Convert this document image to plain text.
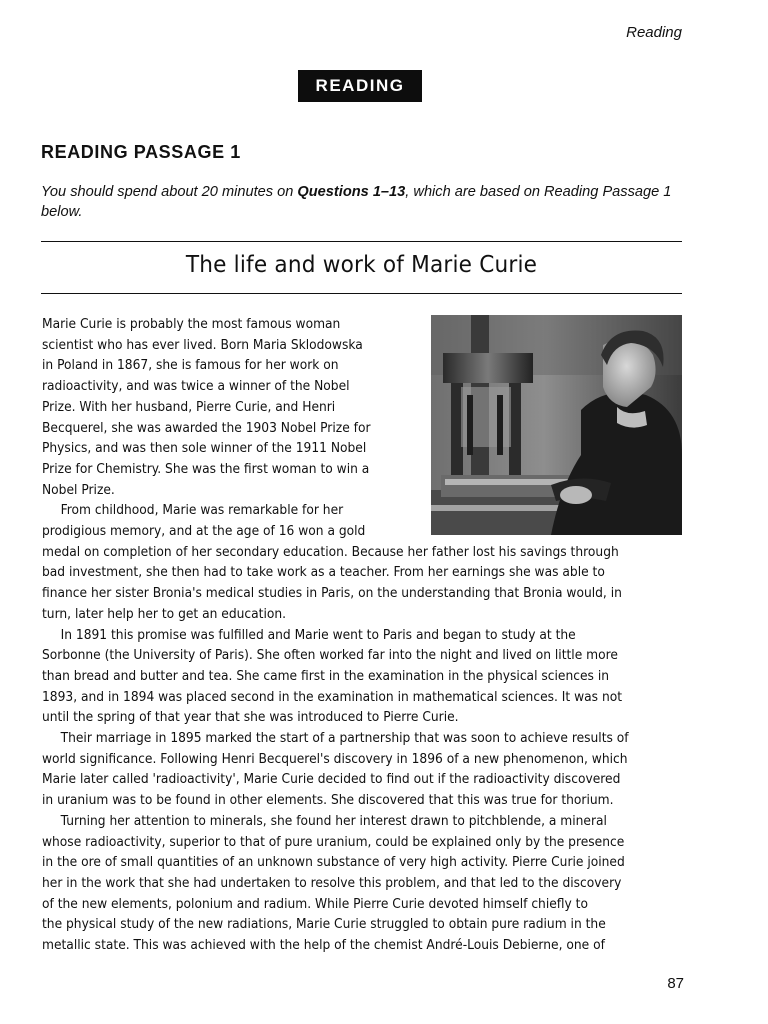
Reading
READING
READING PASSAGE 1
You should spend about 20 minutes on Questions 1–13, which are based on Reading Passage 1 below.
The life and work of Marie Curie

Marie Curie is probably the most famous woman
scientist who has ever lived. Born Maria Sklodowska
in Poland in 1867, she is famous for her work on
radioactivity, and was twice a winner of the Nobel
Prize. With her husband, Pierre Curie, and Henri
Becquerel, she was awarded the 1903 Nobel Prize for
Physics, and was then sole winner of the 1911 Nobel
Prize for Chemistry. She was the first woman to win a
Nobel Prize.

From childhood, Marie was remarkable for her
prodigious memory, and at the age of 16 won a gold
medal on completion of her secondary education. Because her father lost his savings through
bad investment, she then had to take work as a teacher. From her earnings she was able to
finance her sister Bronia's medical studies in Paris, on the understanding that Bronia would, in
turn, later help her to get an education.

In 1891 this promise was fulfilled and Marie went to Paris and began to study at the
Sorbonne (the University of Paris). She often worked far into the night and lived on little more
than bread and butter and tea. She came first in the examination in the physical sciences in
1893, and in 1894 was placed second in the examination in mathematical sciences. It was not
until the spring of that year that she was introduced to Pierre Curie.

Their marriage in 1895 marked the start of a partnership that was soon to achieve results of
world significance. Following Henri Becquerel's discovery in 1896 of a new phenomenon, which
Marie later called 'radioactivity', Marie Curie decided to find out if the radioactivity discovered
in uranium was to be found in other elements. She discovered that this was true for thorium.

Turning her attention to minerals, she found her interest drawn to pitchblende, a mineral
whose radioactivity, superior to that of pure uranium, could be explained only by the presence
in the ore of small quantities of an unknown substance of very high activity. Pierre Curie joined
her in the work that she had undertaken to resolve this problem, and that led to the discovery
of the new elements, polonium and radium. While Pierre Curie devoted himself chiefly to
the physical study of the new radiations, Marie Curie struggled to obtain pure radium in the
metallic state. This was achieved with the help of the chemist André-Louis Debierne, one of

87
